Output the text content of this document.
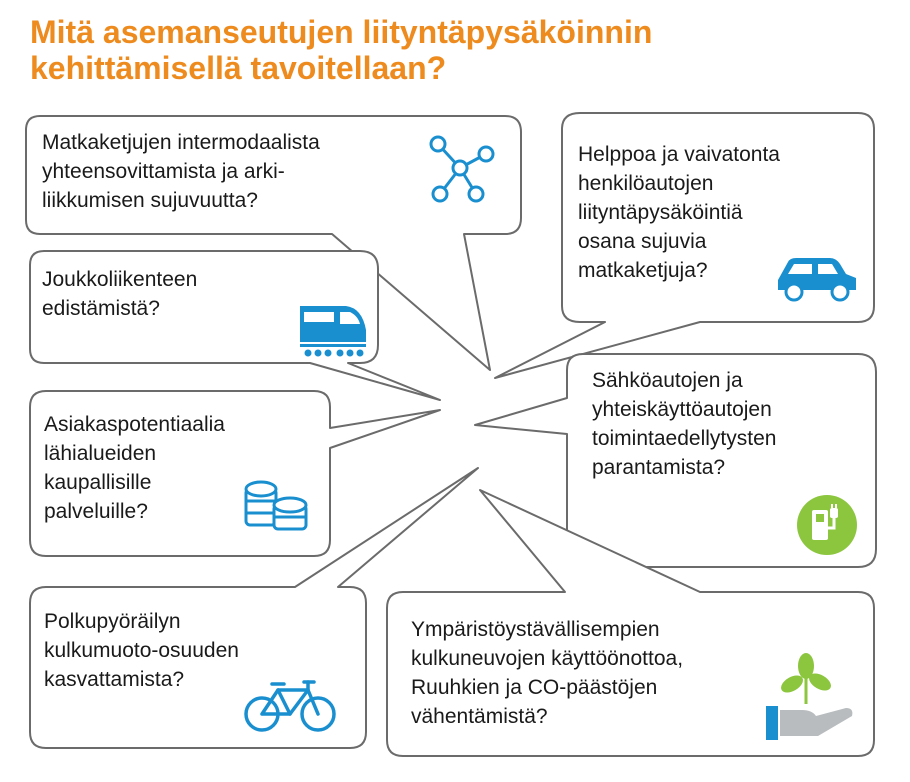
Mitä asemanseutujen liityntäpysäköinnin
kehittämisellä tavoitellaan?
Matkaketjujen intermodaalista
yhteensovittamista ja arki-
liikkumisen sujuvuutta?
Joukkoliikenteen
edistämistä?
Asiakaspotentiaalia
lähialueiden
kaupallisille
palveluille?
Polkupyöräilyn
kulkumuoto-osuuden
kasvattamista?
Helppoa ja vaivatonta
henkilöautojen
liityntäpysäköintiä
osana sujuvia
matkaketjuja?
Sähköautojen ja
yhteiskäyttöautojen
toimintaedellytysten
parantamista?
Ympäristöystävällisempien
kulkuneuvojen käyttöönottoa,
Ruuhkien ja CO-päästöjen
vähentämistä?
